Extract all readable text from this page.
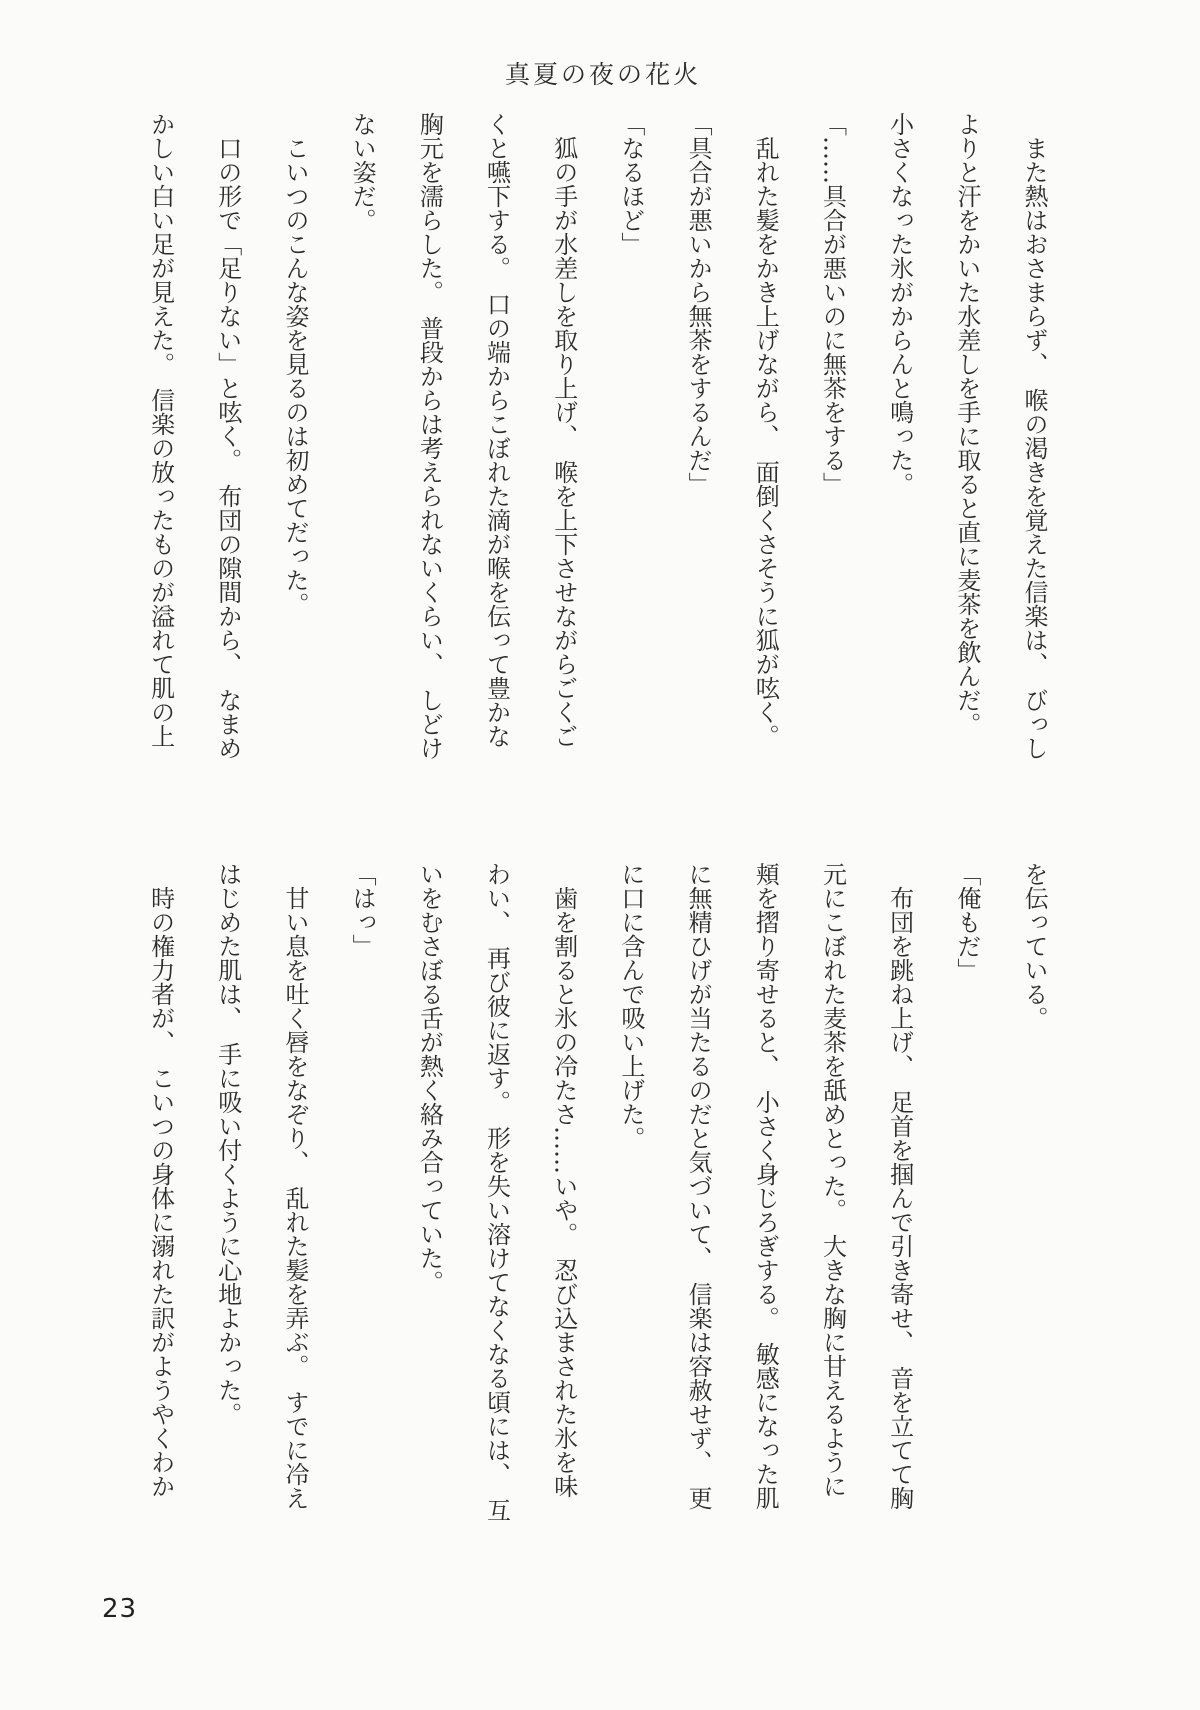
真夏の夜の花火

　また熱はおさまらず、　喉の渇きを覚えた信楽は、　びっし

よりと汗をかいた水差しを手に取ると直に麦茶を飲んだ。

小さくなった氷がからんと鳴った。

「……具合が悪いのに無茶をする」

　乱れた髪をかき上げながら、　面倒くさそうに狐が呟く。

「具合が悪いから無茶をするんだ」

「なるほど」

　狐の手が水差しを取り上げ、　喉を上下させながらごくご

くと嚥下する。　口の端からこぼれた滴が喉を伝って豊かな

胸元を濡らした。　普段からは考えられないくらい、　しどけ

ない姿だ。

　こいつのこんな姿を見るのは初めてだった。

　口の形で「足りない」と呟く。　布団の隙間から、　なまめ

かしい白い足が見えた。　信楽の放ったものが溢れて肌の上

を伝っている。

「俺もだ」

　布団を跳ね上げ、　足首を掴んで引き寄せ、　音を立てて胸

元にこぼれた麦茶を舐めとった。　大きな胸に甘えるように

頬を摺り寄せると、　小さく身じろぎする。　敏感になった肌

に無精ひげが当たるのだと気づいて、　信楽は容赦せず、　更

に口に含んで吸い上げた。

　歯を割ると氷の冷たさ……いや。　忍び込まされた氷を味

わい、　再び彼に返す。　形を失い溶けてなくなる頃には、　互

いをむさぼる舌が熱く絡み合っていた。

「はっ」

　甘い息を吐く唇をなぞり、　乱れた髪を弄ぶ。　すでに冷え

はじめた肌は、　手に吸い付くように心地よかった。

　時の権力者が、　こいつの身体に溺れた訳がようやくわか

23
